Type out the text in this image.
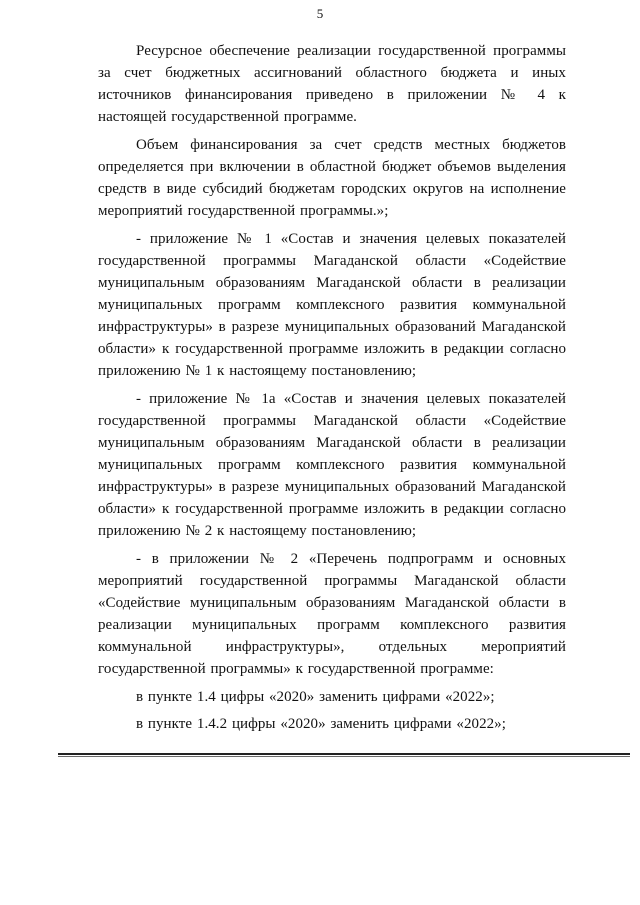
5

Ресурсное обеспечение реализации государственной программы за счет бюджетных ассигнований областного бюджета и иных источников финансирования приведено в приложении № 4 к настоящей государственной программе.

Объем финансирования за счет средств местных бюджетов определяется при включении в областной бюджет объемов выделения средств в виде субсидий бюджетам городских округов на исполнение мероприятий государственной программы.»;

- приложение № 1 «Состав и значения целевых показателей государственной программы Магаданской области «Содействие муниципальным образованиям Магаданской области в реализации муниципальных программ комплексного развития коммунальной инфраструктуры» в разрезе муниципальных образований Магаданской области» к государственной программе изложить в редакции согласно приложению № 1 к настоящему постановлению;

- приложение № 1а «Состав и значения целевых показателей государственной программы Магаданской области «Содействие муниципальным образованиям Магаданской области в реализации муниципальных программ комплексного развития коммунальной инфраструктуры» в разрезе муниципальных образований Магаданской области» к государственной программе изложить в редакции согласно приложению № 2 к настоящему постановлению;

- в приложении № 2 «Перечень подпрограмм и основных мероприятий государственной программы Магаданской области «Содействие муниципальным образованиям Магаданской области в реализации муниципальных программ комплексного развития коммунальной инфраструктуры», отдельных мероприятий государственной программы» к государственной программе:

в пункте 1.4 цифры «2020» заменить цифрами «2022»;

в пункте 1.4.2 цифры «2020» заменить цифрами «2022»;
